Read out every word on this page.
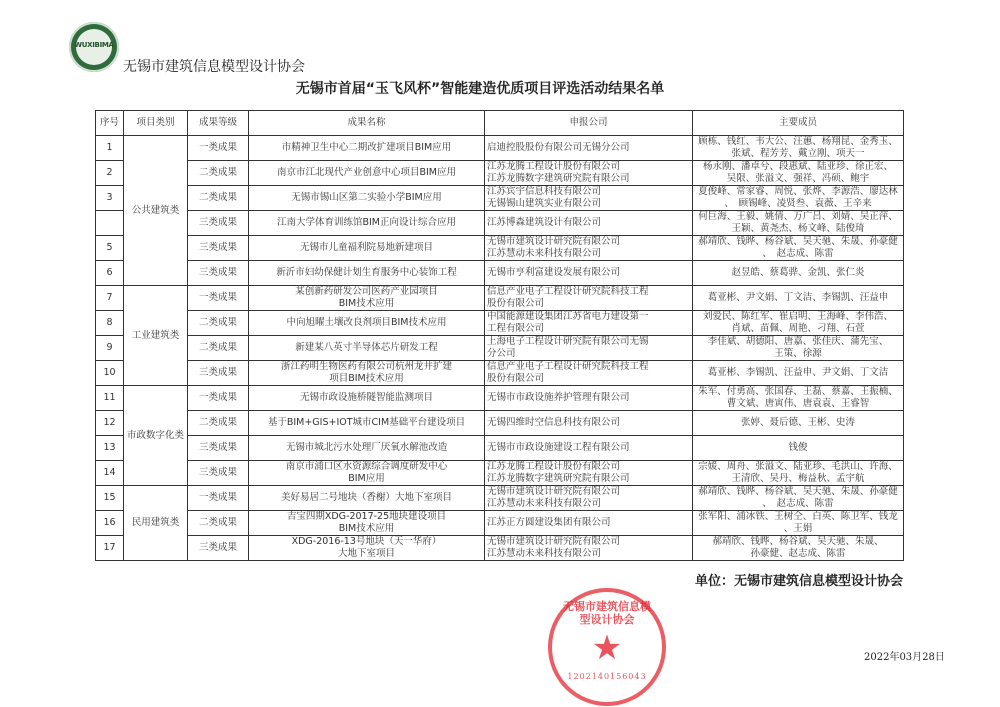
WUXIBIMA
无锡市建筑信息模型设计协会
无锡市首届“玉飞风杯”智能建造优质项目评选活动结果名单
序号	项目类别	成果等级	成果名称	申报公司	主要成员
1	公共建筑类	一类成果	市精神卫生中心二期改扩建项目BIM应用	启迪控股股份有限公司无锡分公司	顾栋、钱红、韦大公、汪蕙、杨翔昆、金秀玉、
张斌、程芳芳、戴立刚、项天一
2		二类成果	南京市江北现代产业创意中心项目BIM应用	江苏龙腾工程设计股份有限公司
江苏龙腾数字建筑研究院有限公司	杨永刚、潘卓兮、段惠斌、陆亚珍、徐正宏、
吴限、张溢文、强祥、冯硕、鲍宇
3		二类成果	无锡市锡山区第二实验小学BIM应用	江苏宾宇信息科技有限公司
无锡锡山建筑实业有限公司	夏俊峰、常家睿、周悦、张烨、李源浩、廖达林
、　顾锡峰、凌贤叁、袁薇、王辛来
		三类成果	江南大学体育训练馆BIM正向设计综合应用	江苏博森建筑设计有限公司	何巨海、王毅、姚倩、万广吕、刘婧、吴正萍、
王颖、黄尧杰、杨文峰、陆俊琦
5		三类成果	无锡市儿童福利院易地新建项目	无锡市建筑设计研究院有限公司
江苏慧动未来科技有限公司	郝靖欣、钱晔、杨谷斌、吴天驰、朱晟、孙豪健
、　赵志成、陈雷
6		三类成果	新沂市妇幼保健计划生育服务中心装饰工程	无锡市亨利富建设发展有限公司	赵昱皓、蔡葛骅、金凯、张仁炎
7	工业建筑类	一类成果	某创新药研发公司医药产业园项目
BIM技术应用	信息产业电子工程设计研究院科技工程
股份有限公司	葛亚彬、尹文娟、丁文洁、李锡凯、汪益申
8		二类成果	中向旭曜土壤改良剂项目BIM技术应用	中国能源建设集团江苏省电力建设第一
工程有限公司	刘爱民、陈红军、崔启明、王海峰、李伟浩、
肖斌、苗佩、周艳、刁翔、石萱
9		二类成果	新建某八英寸半导体芯片研发工程	上海电子工程设计研究院有限公司无锡
分公司	李佳斌、胡德阳、唐嘉、张佳庆、蒲先宝、
王策、徐源
10		三类成果	浙江药明生物医药有限公司杭州龙井扩建
项目BIM技术应用	信息产业电子工程设计研究院科技工程
股份有限公司	葛亚彬、李锡凯、汪益申、尹文娟、丁文洁
11	市政数字化类	一类成果	无锡市政设施桥隧智能监测项目	无锡市市政设施养护管理有限公司	朱军、付勇高、张国春、王磊、蔡嘉、王振楠、
曹文斌、唐寅伟、唐袁袁、王睿智
12		二类成果	基于BIM+GIS+IOT城市CIM基础平台建设项目	无锡四维时空信息科技有限公司	张婷、聂后德、王彬、史涛
13		三类成果	无锡市城北污水处理厂厌氧水解池改造	无锡市市政设施建设工程有限公司	钱俊
14		三类成果	南京市浦口区水资源综合调度研发中心
BIM应用	江苏龙腾工程设计股份有限公司
江苏龙腾数字建筑研究院有限公司	宗媛、周舟、张溢文、陆亚珍、毛洪山、许海、
王清欣、吴丹、梅益秋、孟宇航
15	民用建筑类	一类成果	美好易居二号地块（香榭）大地下室项目	无锡市建筑设计研究院有限公司
江苏慧动未来科技有限公司	郝靖欣、钱晔、杨谷斌、吴天驰、朱晟、孙豪健
、　赵志成、陈雷
16		二类成果	吉宝四期XDG-2017-25地块建设项目
BIM技术应用	江苏正方圆建设集团有限公司	张军阳、浦冰铁、王树仝、白英、陈卫军、钱龙
、王娟
17		三类成果	XDG-2016-13号地块（天一华府）
大地下室项目	无锡市建筑设计研究院有限公司
江苏慧动未来科技有限公司	郝靖欣、钱晔、杨谷斌、吴天驰、朱晟、
孙豪健、赵志成、陈雷
单位：无锡市建筑信息模型设计协会
2022年03月28日
无锡市建筑信息模型设计协会
★
1202140156043
